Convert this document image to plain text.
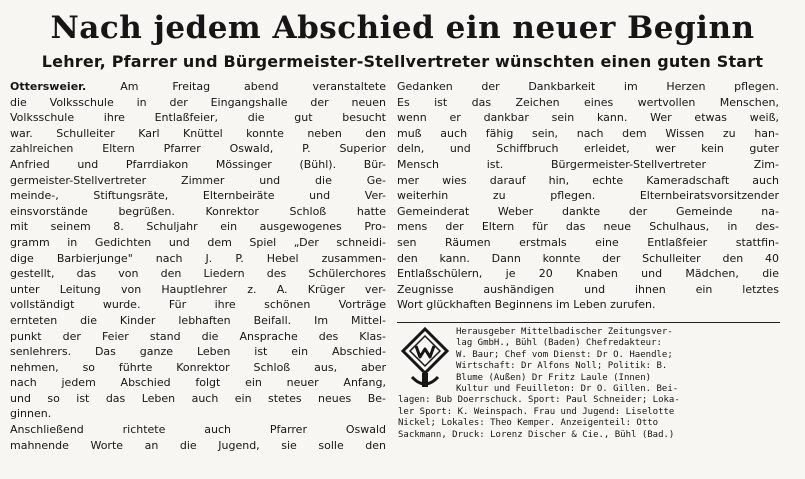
Nach jedem Abschied ein neuer Beginn
Lehrer, Pfarrer und Bürgermeister-Stellvertreter wünschten einen guten Start
Ottersweier.	Am Freitag abend veranstaltete
die Volksschule in der Eingangshalle der neuen
Volksschule ihre Entlaßfeier, die gut besucht
war. Schulleiter Karl Knüttel konnte neben den
zahlreichen Eltern Pfarrer Oswald, P. Superior
Anfried und Pfarrdiakon Mössinger (Bühl). Bür-
germeister-Stellvertreter Zimmer und die Ge-
meinde-, Stiftungsräte, Elternbeiräte und Ver-
einsvorstände begrüßen. Konrektor Schloß hatte
mit seinem 8. Schuljahr ein ausgewogenes Pro-
gramm in Gedichten und dem Spiel „Der schneidi-
dige Barbierjunge" nach J. P. Hebel zusammen-
gestellt, das von den Liedern des Schülerchores
unter Leitung von Hauptlehrer z. A. Krüger ver-
vollständigt wurde. Für ihre schönen Vorträge
ernteten die Kinder lebhaften Beifall. Im Mittel-
punkt der Feier stand die Ansprache des Klas-
senlehrers. Das ganze Leben ist ein Abschied-
nehmen, so führte Konrektor Schloß aus, aber
nach jedem Abschied folgt ein neuer Anfang,
und so ist das Leben auch ein stetes neues Be-
ginnen.
Anschließend richtete auch Pfarrer Oswald
mahnende Worte an die Jugend, sie solle den
Gedanken der Dankbarkeit im Herzen pflegen.
Es ist das Zeichen eines wertvollen Menschen,
wenn er dankbar sein kann. Wer etwas weiß,
muß auch fähig sein, nach dem Wissen zu han-
deln, und Schiffbruch erleidet, wer kein guter
Mensch ist. Bürgermeister-Stellvertreter Zim-
mer wies darauf hin, echte Kameradschaft auch
weiterhin zu pflegen. Elternbeiratsvorsitzender
Gemeinderat Weber dankte der Gemeinde na-
mens der Eltern für das neue Schulhaus, in des-
sen Räumen erstmals eine Entlaßfeier stattfin-
den kann. Dann konnte der Schulleiter den 40
Entlaßschülern, je 20 Knaben und Mädchen, die
Zeugnisse aushändigen und ihnen ein letztes
Wort glückhaften Beginnens im Leben zurufen.
Herausgeber Mittelbadischer Zeitungsver-
lag GmbH., Bühl (Baden) Chefredakteur:
W. Baur; Chef vom Dienst: Dr O. Haendle;
Wirtschaft: Dr Alfons Noll; Politik: B.
Blume (Außen) Dr Fritz Laule (Innen)
Kultur und Feuilleton: Dr O. Gillen. Bei-
lagen: Bub Doerrschuck. Sport: Paul Schneider; Loka-
ler Sport: K. Weinspach. Frau und Jugend: Liselotte
Nickel; Lokales: Theo Kemper. Anzeigenteil: Otto
Sackmann, Druck: Lorenz Discher & Cie., Bühl (Bad.)
